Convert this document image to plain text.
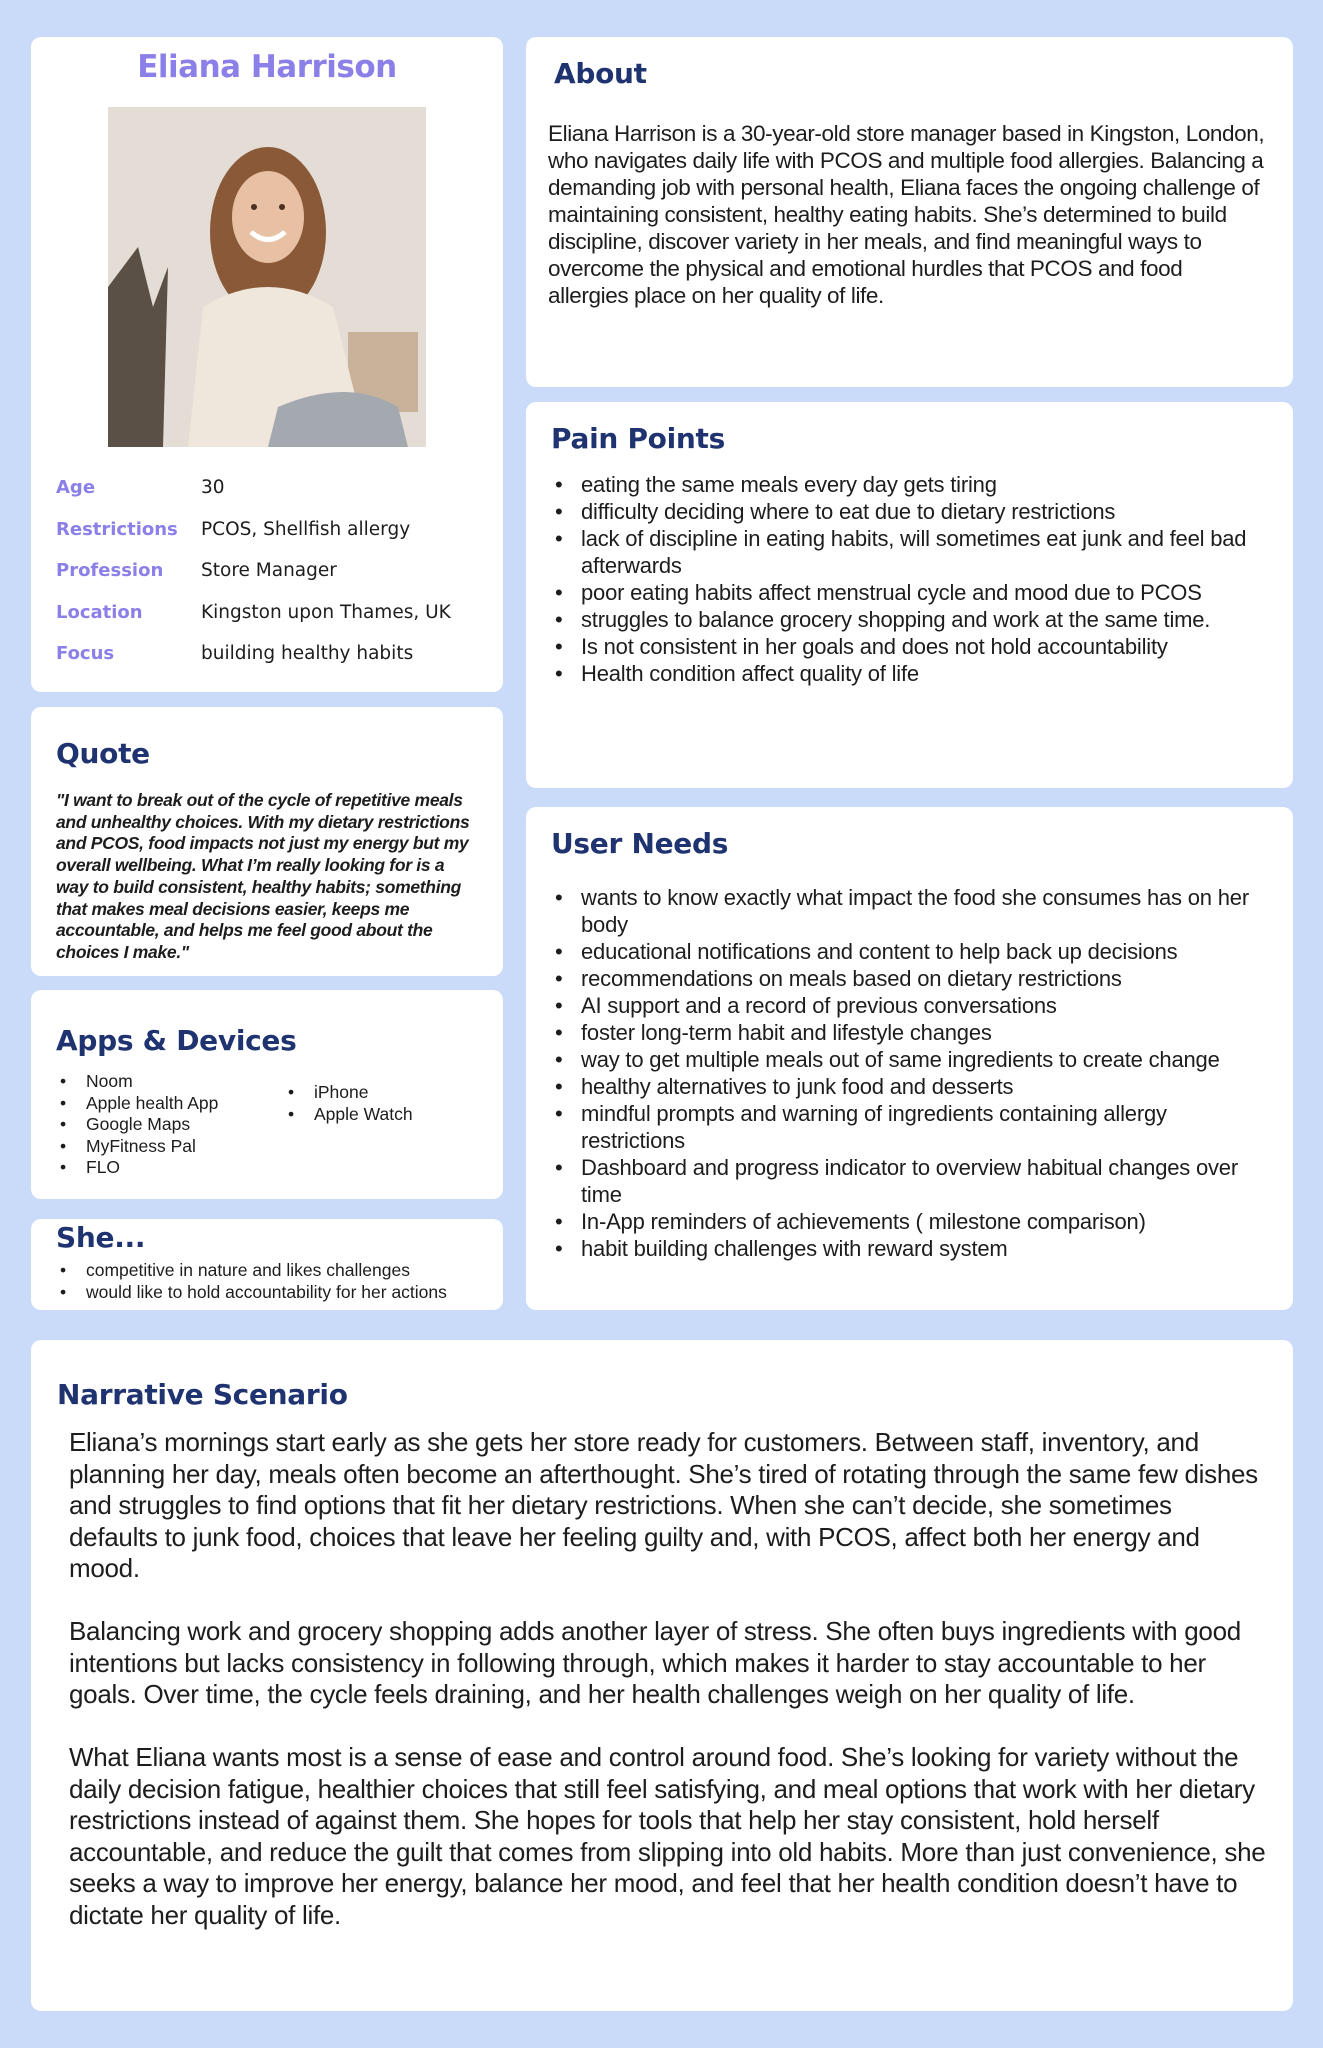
Eliana Harrison
Age	30
Restrictions	PCOS, Shellfish allergy
Profession	Store Manager
Location	Kingston upon Thames, UK
Focus	building healthy habits
Quote

"I want to break out of the cycle of repetitive meals and unhealthy choices. With my dietary restrictions and PCOS, food impacts not just my energy but my overall wellbeing. What I’m really looking for is a way to build consistent, healthy habits; something that makes meal decisions easier, keeps me accountable, and helps me feel good about the choices I make."

Apps & Devices
• Noom
• Apple health App
• Google Maps
• MyFitness Pal
• FLO
• iPhone
• Apple Watch
She...
• competitive in nature and likes challenges
• would like to hold accountability for her actions
About

Eliana Harrison is a 30-year-old store manager based in Kingston, London, who navigates daily life with PCOS and multiple food allergies. Balancing a demanding job with personal health, Eliana faces the ongoing challenge of maintaining consistent, healthy eating habits. She’s determined to build discipline, discover variety in her meals, and find meaningful ways to overcome the physical and emotional hurdles that PCOS and food allergies place on her quality of life.

Pain Points
• eating the same meals every day gets tiring
• difficulty deciding where to eat due to dietary restrictions
• lack of discipline in eating habits, will sometimes eat junk and feel bad afterwards
• poor eating habits affect menstrual cycle and mood due to PCOS
• struggles to balance grocery shopping and work at the same time.
• Is not consistent in her goals and does not hold accountability
• Health condition affect quality of life
User Needs
• wants to know exactly what impact the food she consumes has on her body
• educational notifications and content to help back up decisions
• recommendations on meals based on dietary restrictions
• AI support and a record of previous conversations
• foster long-term habit and lifestyle changes
• way to get multiple meals out of same ingredients to create change
• healthy alternatives to junk food and desserts
• mindful prompts and warning of ingredients containing allergy restrictions
• Dashboard and progress indicator to overview habitual changes over time
• In-App reminders of achievements ( milestone comparison)
• habit building challenges with reward system
Narrative Scenario

Eliana’s mornings start early as she gets her store ready for customers. Between staff, inventory, and planning her day, meals often become an afterthought. She’s tired of rotating through the same few dishes and struggles to find options that fit her dietary restrictions. When she can’t decide, she sometimes defaults to junk food, choices that leave her feeling guilty and, with PCOS, affect both her energy and mood.

Balancing work and grocery shopping adds another layer of stress. She often buys ingredients with good intentions but lacks consistency in following through, which makes it harder to stay accountable to her goals. Over time, the cycle feels draining, and her health challenges weigh on her quality of life.

What Eliana wants most is a sense of ease and control around food. She’s looking for variety without the daily decision fatigue, healthier choices that still feel satisfying, and meal options that work with her dietary restrictions instead of against them. She hopes for tools that help her stay consistent, hold herself accountable, and reduce the guilt that comes from slipping into old habits. More than just convenience, she seeks a way to improve her energy, balance her mood, and feel that her health condition doesn’t have to dictate her quality of life.
